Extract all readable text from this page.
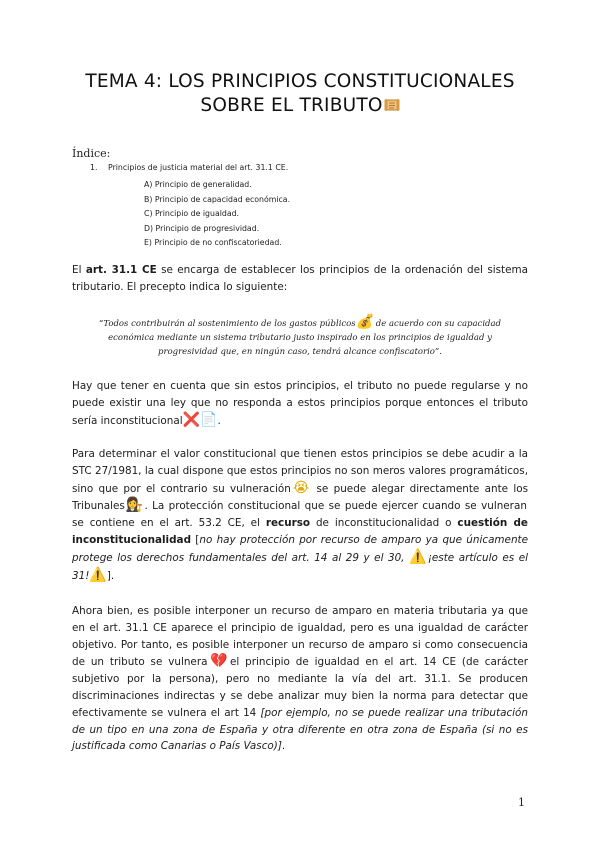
TEMA 4: LOS PRINCIPIOS CONSTITUCIONALES
SOBRE EL TRIBUTO
Índice:
1. Principios de justicia material del art. 31.1 CE.
A) Principio de generalidad.
B) Principio de capacidad económica.
C) Principio de igualdad.
D) Principio de progresividad.
E) Principio de no confiscatoriedad.

El art. 31.1 CE se encarga de establecer los principios de la ordenación del sistema tributario. El precepto indica lo siguiente:

“Todos contribuirán al sostenimiento de los gastos públicos💰 de acuerdo con su capacidad económica mediante un sistema tributario justo inspirado en los principios de igualdad y progresividad que, en ningún caso, tendrá alcance confiscatorio”.

Hay que tener en cuenta que sin estos principios, el tributo no puede regularse y no puede existir una ley que no responda a estos principios porque entonces el tributo sería inconstitucional❌📄.

Para determinar el valor constitucional que tienen estos principios se debe acudir a la STC 27/1981, la cual dispone que estos principios no son meros valores programáticos, sino que por el contrario su vulneración😭 se puede alegar directamente ante los Tribunales👩‍⚖️. La protección constitucional que se puede ejercer cuando se vulneran se contiene en el art. 53.2 CE, el recurso de inconstitucionalidad o cuestión de inconstitucionalidad [no hay protección por recurso de amparo ya que únicamente protege los derechos fundamentales del art. 14 al 29 y el 30, ⚠️¡este artículo es el 31!⚠️].

Ahora bien, es posible interponer un recurso de amparo en materia tributaria ya que en el art. 31.1 CE aparece el principio de igualdad, pero es una igualdad de carácter objetivo. Por tanto, es posible interponer un recurso de amparo si como consecuencia de un tributo se vulnera💔el principio de igualdad en el art. 14 CE (de carácter subjetivo por la persona), pero no mediante la vía del art. 31.1. Se producen discriminaciones indirectas y se debe analizar muy bien la norma para detectar que efectivamente se vulnera el art 14 [por ejemplo, no se puede realizar una tributación de un tipo en una zona de España y otra diferente en otra zona de España (si no es justificada como Canarias o País Vasco)].

1
